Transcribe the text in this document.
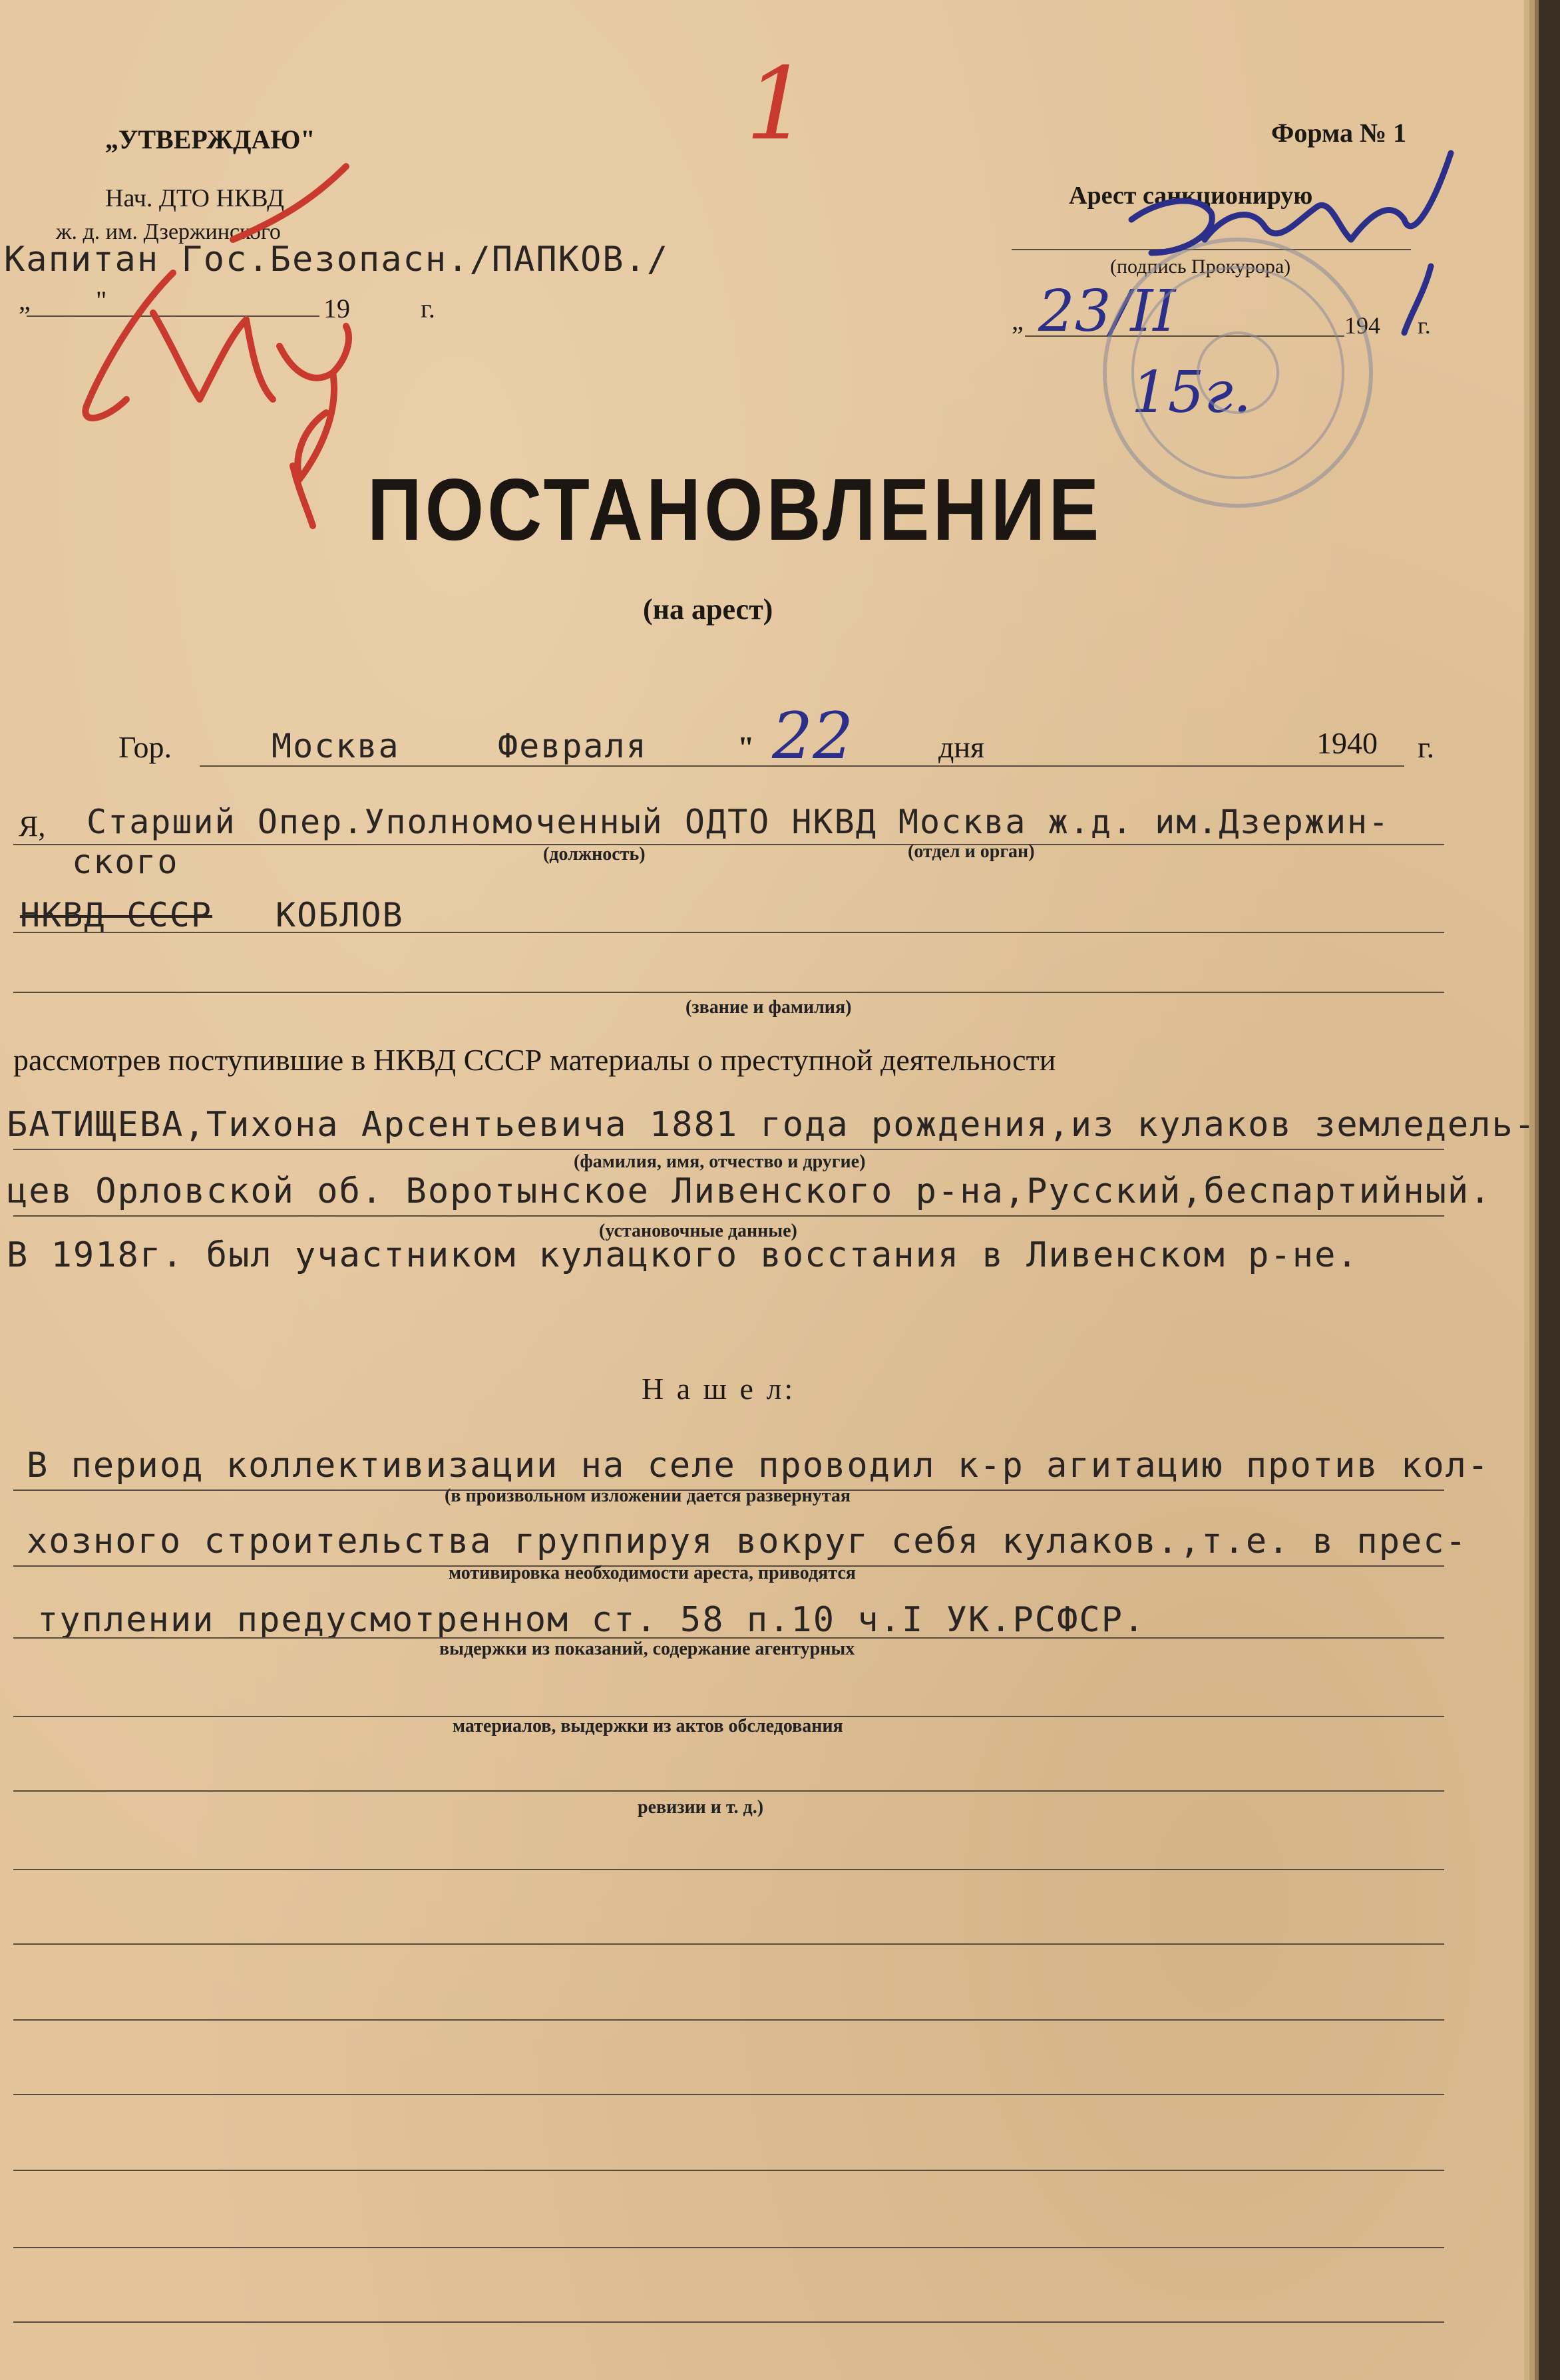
„УТВЕРЖДАЮ"
Нач. ДТО НКВД
ж. д. им. Дзержинского
Капитан Гос.Безопасн./ПАПКОВ./
„ "	19	г.
1	Форма № 1
Арест санкционирую
(подпись Прокурора)
„	194 г.
23/II
15г.
ПОСТАНОВЛЕНИЕ
(на арест)
Гор.	Москва	Февраля	" 22	дня	1940 г.
Я, Старший Опер.Уполномоченный ОДТО НКВД Москва ж.д. им.Дзержин-
ского	(должность)	(отдел и орган)
НКВД СССР КОБЛОВ
(звание и фамилия)
рассмотрев поступившие в НКВД СССР материалы о преступной деятельности
БАТИЩЕВА,Тихона Арсентьевича 1881 года рождения,из кулаков земледель-
(фамилия, имя, отчество и другие)
цев Орловской об. Воротынское Ливенского р-на,Русский,беспартийный.
(установочные данные)
В 1918г. был участником кулацкого восстания в Ливенском р-не.
Н а ш е л:
В период коллективизации на селе проводил к-р агитацию против кол-
(в произвольном изложении дается развернутая
хозного строительства группируя вокруг себя кулаков.,т.е. в прес-
мотивировка необходимости ареста, приводятся
туплении предусмотренном ст. 58 п.10 ч.I УК.РСФСР.
выдержки из показаний, содержание агентурных
материалов, выдержки из актов обследования
ревизии и т. д.)
